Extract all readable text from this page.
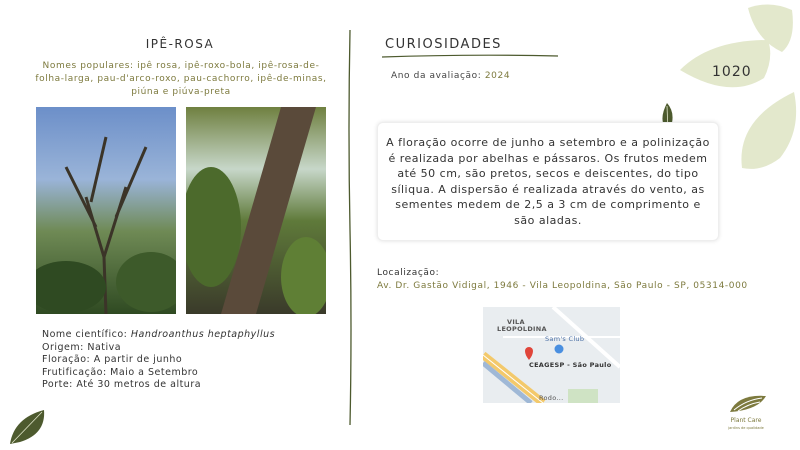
IPÊ-ROSA
Nomes populares: ipê rosa, ipê-roxo-bola, ipê-rosa-de-folha-larga, pau-d'arco-roxo, pau-cachorro, ipê-de-minas, piúna e piúva-preta
Nome científico: Handroanthus heptaphyllus
Origem: Nativa
Floração: A partir de junho
Frutificação: Maio a Setembro
Porte: Até 30 metros de altura
CURIOSIDADES
Ano da avaliação: 2024	1020
A floração ocorre de junho a setembro e a polinização é realizada por abelhas e pássaros. Os frutos medem até 50 cm, são pretos, secos e deiscentes, do tipo síliqua. A dispersão é realizada através do vento, as sementes medem de 2,5 a 3 cm de comprimento e são aladas.
Localização:
Av. Dr. Gastão Vidigal, 1946 - Vila Leopoldina, São Paulo - SP, 05314-000
VILA
LEOPOLDINA
Sam's Club
CEAGESP - São Paulo
Rodo...
Plant Care
jardins de qualidade
